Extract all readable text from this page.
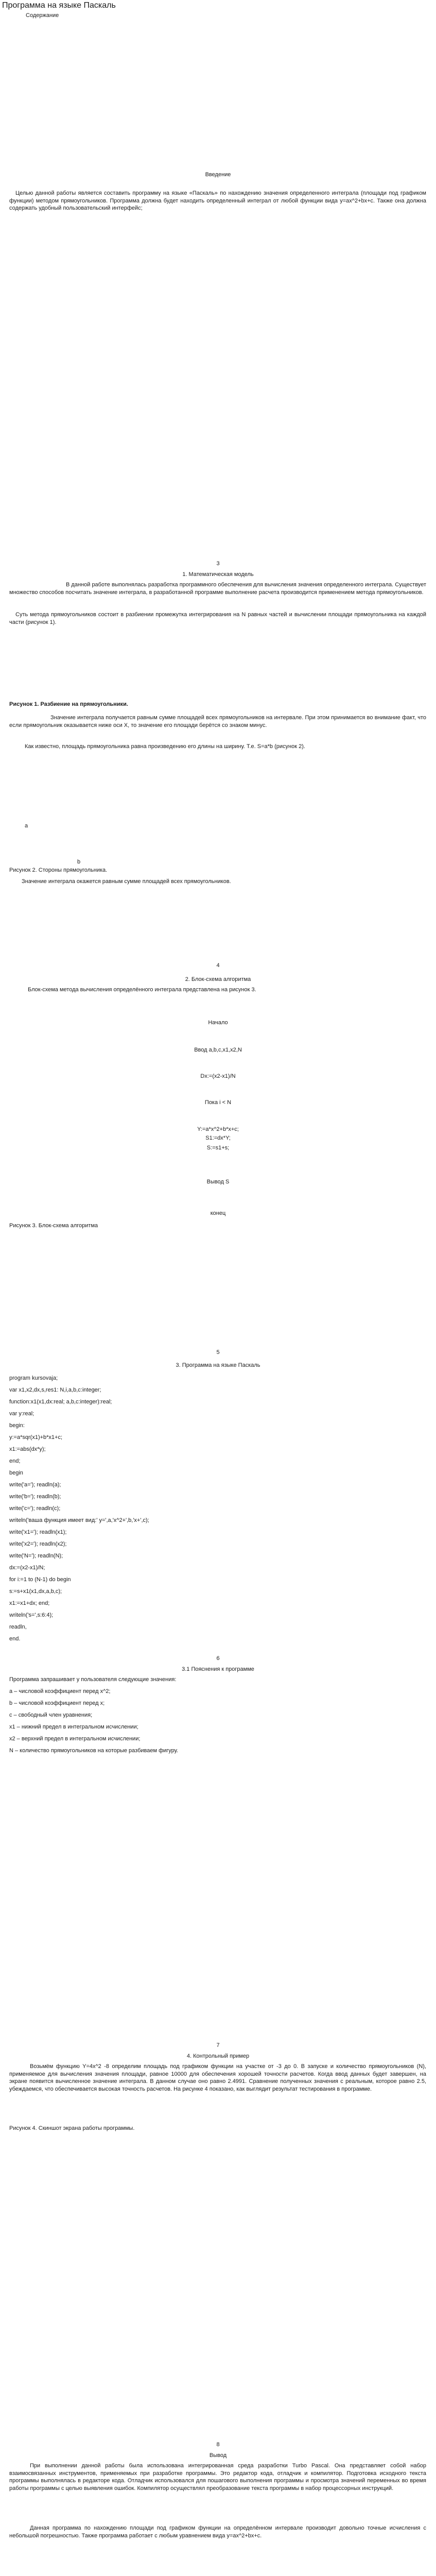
Программа на языке Паскаль
Содержание
Введение
Целью данной работы является составить программу на языке «Паскаль» по нахождению значения определенного интеграла (площади под графиком функции) методом прямоугольников. Программа должна будет находить определенный интеграл от любой функции вида y=ax^2+bx+c. Также она должна содержать удобный пользовательский интерфейс;
3
1. Математическая модель
В данной работе выполнялась разработка программного обеспечения для вычисления значения определенного интеграла. Существует множество способов посчитать значение интеграла, в разработанной программе выполнение расчета производится применением метода прямоугольников.
Суть метода прямоугольников состоит в разбиении промежутка интегрирования на N равных частей и вычислении площади прямоугольника на каждой части (рисунок 1).
Рисунок 1. Разбиение на прямоугольники.
Значение интеграла получается равным сумме площадей всех прямоугольников на интервале. При этом принимается во внимание факт, что если прямоугольник оказывается ниже оси Х, то значение его площади берётся со знаком минус.
Как известно, площадь прямоугольника равна произведению его длины на ширину. Т.е. S=a*b (рисунок 2).
a
b
Рисунок 2. Стороны прямоугольника.
Значение интеграла окажется равным сумме площадей всех прямоугольников.
4
2. Блок-схема алгоритма
Блок-схема метода вычисления определённого интеграла представлена на рисунок 3.
Начало
Ввод a,b,c,x1,x2,N
Dx:=(x2-x1)/N
Пока i < N
Y:=a*x^2+b*x+c;
S1:=dx*Y;
S:=s1+s;
Вывод S
конец
Рисунок 3. Блок-схема алгоритма
5
3. Программа на языке Паскаль
program kursovaja;
var x1,x2,dx,s,res1: N,i,a,b,c:integer;
function:x1(x1,dx:real; a,b,c:integer):real;
var y:real;
begin:
y:=a*sqr(x1)+b*x1+c;
x1:=abs(dx*y);
end;
begin
write('a='); readln(a);
write('b='); readln(b);
write('c='); readln(c);
writeln('ваша функция имеет вид:' y=',a,'x^2+',b,'x+',c);
write('x1='); readln(x1);
write('x2='); readln(x2);
write('N='); readln(N);
dx:=(x2-x1)/N;
for i:=1 to (N-1) do begin
s:=s+x1(x1,dx,a,b,c);
x1:=x1+dx; end;
writeln('s=',s:6:4);
readln,
end.
6
3.1 Пояснения к программе
Программа запрашивает у пользователя следующие значения:
a – числовой коэффициент перед x^2;
b – числовой коэффициент перед x;
c – свободный член уравнения;
x1 – нижний предел в интегральном исчислении;
x2 – верхний предел в интегральном исчислении;
N – количество прямоугольников на которые разбиваем фигуру.
7
4. Контрольный пример
Возьмём функцию Y=4x^2 -8 определим площадь под графиком функции на участке от -3 до 0. В запуске и количество прямоугольников (N), применяемое для вычисления значения площади, равное 10000 для обеспечения хорошей точности расчетов. Когда ввод данных будет завершен, на экране появится вычисленное значение интеграла. В данном случае оно равно 2.4991. Сравнение полученных значения с реальным, которое равно 2.5, убеждаемся, что обеспечивается высокая точность расчетов. На рисунке 4 показано, как выглядит результат тестирования в программе.
Рисунок 4. Скиншот экрана работы программы.
8
Вывод
При выполнении данной работы была использована интегрированная среда разработки Turbo Pascal. Она представляет собой набор взаимосвязанных инструментов, применяемых при разработке программы. Это редактор кода, отладчик и компилятор. Подготовка исходного текста программы выполнялась в редакторе кода. Отладчик использовался для пошагового выполнения программы и просмотра значений переменных во время работы программы с целью выявления ошибок. Компилятор осуществлял преобразование текста программы в набор процессорных инструкций.
Данная программа по нахождению площади под графиком функции на определённом интервале производит довольно точные исчисления с небольшой погрешностью. Также программа работает с любым уравнением вида y=ax^2+bx+c.
